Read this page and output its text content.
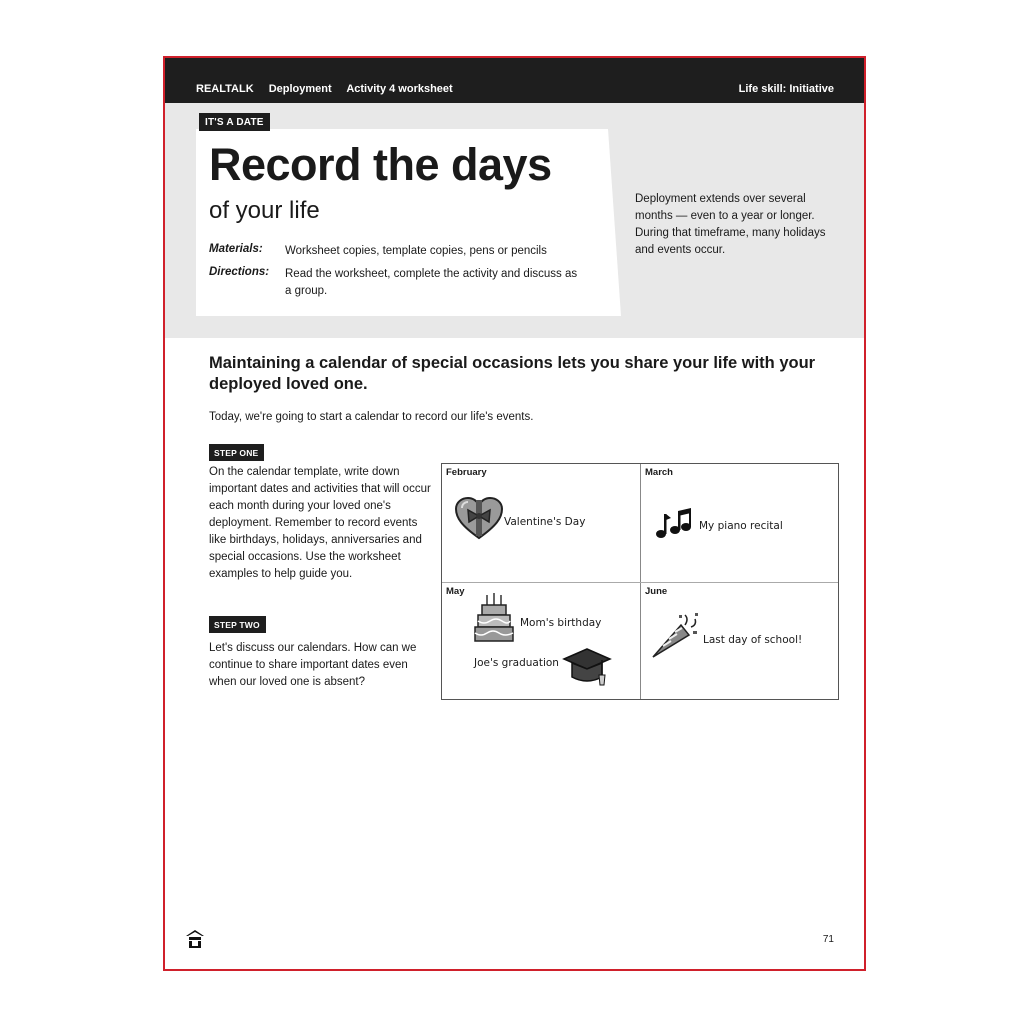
REALTALK Deployment Activity 4 worksheet	Life skill: Initiative
IT'S A DATE
Record the days
of your life
Materials: Worksheet copies, template copies, pens or pencils
Directions: Read the worksheet, complete the activity and discuss as a group.
Deployment extends over several months — even to a year or longer. During that timeframe, many holidays and events occur.
Maintaining a calendar of special occasions lets you share your life with your deployed loved one.
Today, we're going to start a calendar to record our life's events.
STEP ONE
On the calendar template, write down important dates and activities that will occur each month during your loved one's deployment. Remember to record events like birthdays, holidays, anniversaries and special occasions. Use the worksheet examples to help guide you.
STEP TWO
Let's discuss our calendars. How can we continue to share important dates even when our loved one is absent?
February
Valentine's Day
March
My piano recital
May
Mom's birthday
Joe's graduation
June
Last day of school!
71
